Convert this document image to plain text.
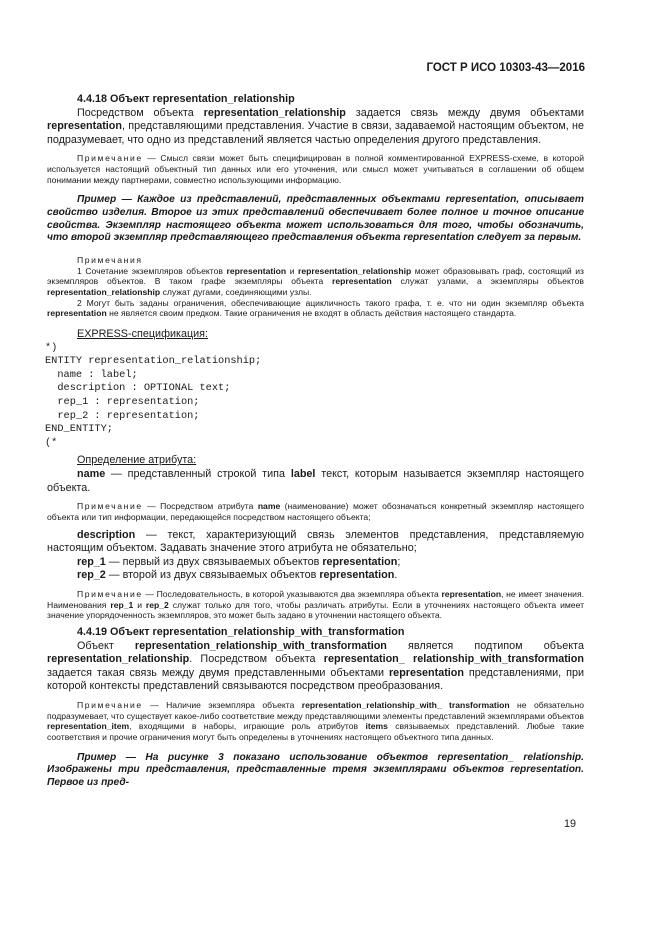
ГОСТ Р ИСО 10303-43—2016

4.4.18 Объект representation_relationship

Посредством объекта representation_relationship задается связь между двумя объектами representation, представляющими представления. Участие в связи, задаваемой настоящим объектом, не подразумевает, что одно из представлений является частью определения другого представления.

Примечание — Смысл связи может быть специфицирован в полной комментированной EXPRESS-схеме, в которой используется настоящий объектный тип данных или его уточнения, или смысл может учитываться в соглашении об общем понимании между партнерами, совместно использующими информацию.

Пример — Каждое из представлений, представленных объектами representation, описывает свойство изделия. Второе из этих представлений обеспечивает более полное и точное описание свойства. Экземпляр настоящего объекта может использоваться для того, чтобы обозначить, что второй экземпляр представляющего представления объекта representation следует за первым.

Примечания

1 Сочетание экземпляров объектов representation и representation_relationship может образовывать граф, состоящий из экземпляров объектов. В таком графе экземпляры объекта representation служат узлами, а экземпляры объектов representation_relationship служат дугами, соединяющими узлы.

2 Могут быть заданы ограничения, обеспечивающие ацикличность такого графа, т. е. что ни один экземпляр объекта representation не является своим предком. Такие ограничения не входят в область действия настоящего стандарта.

EXPRESS-спецификация:

*)

ENTITY representation_relationship;

name : label;

description : OPTIONAL text;

rep_1 : representation;

rep_2 : representation;

END_ENTITY;

(*

Определение атрибута:

name — представленный строкой типа label текст, которым называется экземпляр настоящего объекта.

Примечание — Посредством атрибута name (наименование) может обозначаться конкретный экземпляр настоящего объекта или тип информации, передающейся посредством настоящего объекта;

description — текст, характеризующий связь элементов представления, представляемую настоящим объектом. Задавать значение этого атрибута не обязательно;

rep_1 — первый из двух связываемых объектов representation;

rep_2 — второй из двух связываемых объектов representation.

Примечание — Последовательность, в которой указываются два экземпляра объекта representation, не имеет значения. Наименования rep_1 и rep_2 служат только для того, чтобы различать атрибуты. Если в уточнениях настоящего объекта имеет значение упорядоченность экземпляров, это может быть задано в уточнении настоящего объекта.

4.4.19 Объект representation_relationship_with_transformation

Объект representation_relationship_with_transformation является подтипом объекта representation_relationship. Посредством объекта representation_ relationship_with_transformation задается такая связь между двумя представленными объектами representation представлениями, при которой контексты представлений связываются посредством преобразования.

Примечание — Наличие экземпляра объекта representation_relationship_with_ transformation не обязательно подразумевает, что существует какое-либо соответствие между представляющими элементы представлений экземплярами объектов representation_item, входящими в наборы, играющие роль атрибутов items связываемых представлений. Любые такие соответствия и прочие ограничения могут быть определены в уточнениях настоящего объектного типа данных.

Пример — На рисунке 3 показано использование объектов representation_ relationship. Изображены три представления, представленные тремя экземплярами объектов representation. Первое из пред-

19
